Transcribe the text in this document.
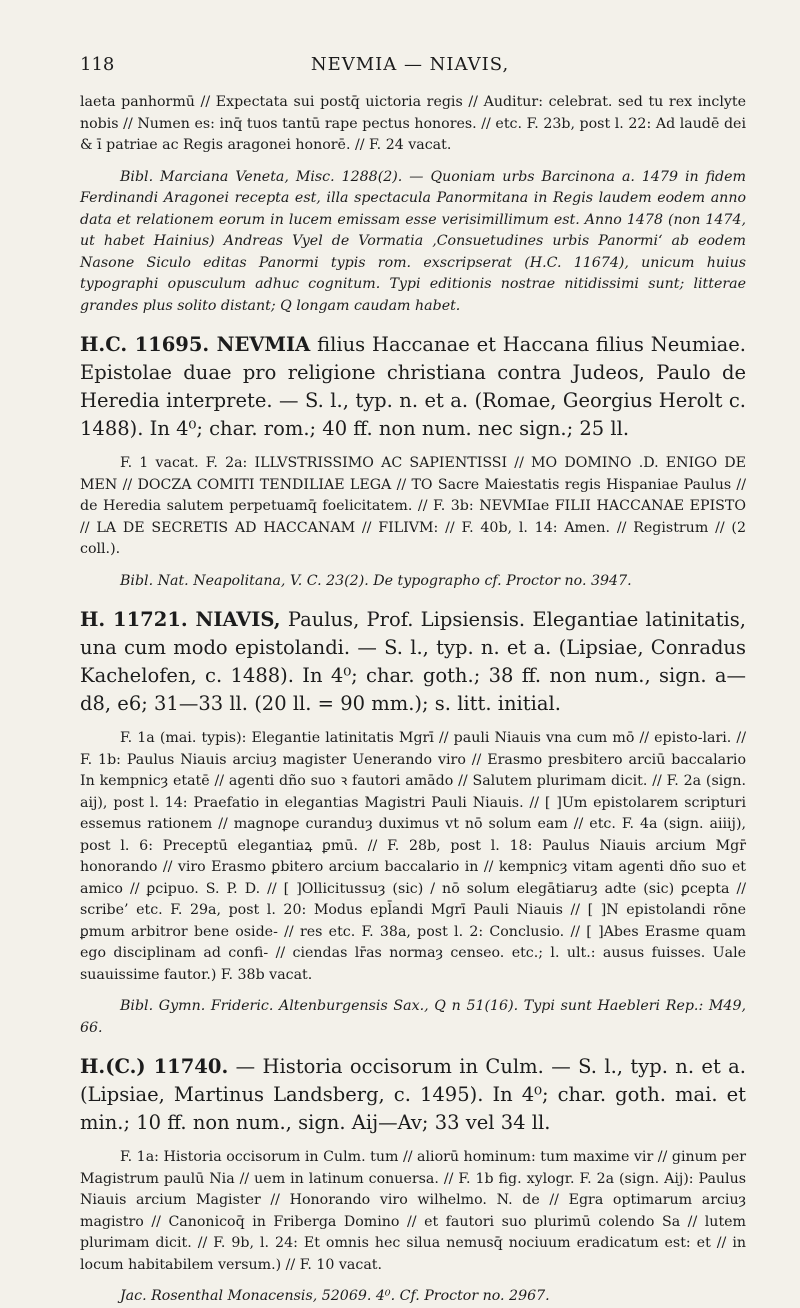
118	NEVMIA — NIAVIS,

laeta panhormū // Expectata sui postq̄ uictoria regis // Auditur: celebrat. sed tu rex inclyte nobis // Numen es: inq̄ tuos tantū rape pectus honores. // etc. F. 23b, post l. 22: Ad laudē dei & ī patriae ac Regis aragonei honorē. // F. 24 vacat.

Bibl. Marciana Veneta, Misc. 1288(2). — Quoniam urbs Barcinona a. 1479 in fidem Ferdinandi Aragonei recepta est, illa spectacula Panormitana in Regis laudem eodem anno data et relationem eorum in lucem emissam esse verisimillimum est. Anno 1478 (non 1474, ut habet Hainius) Andreas Vyel de Vormatia ‚Consuetudines urbis Panormi‘ ab eodem Nasone Siculo editas Panormi typis rom. exscripserat (H.C. 11674), unicum huius typographi opusculum adhuc cognitum. Typi editionis nostrae nitidissimi sunt; litterae grandes plus solito distant; Q longam caudam habet.

H.C. 11695. NEVMIA filius Haccanae et Haccana filius Neumiae. Epistolae duae pro religione christiana contra Judeos, Paulo de Heredia interprete. — S. l., typ. n. et a. (Romae, Georgius Herolt c. 1488). In 4⁰; char. rom.; 40 ff. non num. nec sign.; 25 ll.

F. 1 vacat. F. 2a: ILLVSTRISSIMO AC SAPIENTISSI // MO DOMINO .D. ENIGO DE MEN // DOCZA COMITI TENDILIAE LEGA // TO Sacre Maiestatis regis Hispaniae Paulus // de Heredia salutem perpetuamq̄ foelicitatem. // F. 3b: NEVMIae FILII HACCANAE EPISTO // LA DE SECRETIS AD HACCANAM // FILIVM: // F. 40b, l. 14: Amen. // Registrum // (2 coll.).

Bibl. Nat. Neapolitana, V. C. 23(2). De typographo cf. Proctor no. 3947.

H. 11721. NIAVIS, Paulus, Prof. Lipsiensis. Elegantiae latinitatis, una cum modo epistolandi. — S. l., typ. n. et a. (Lipsiae, Conradus Kachelofen, c. 1488). In 4⁰; char. goth.; 38 ff. non num., sign. a—d8, e6; 31—33 ll. (20 ll. = 90 mm.); s. litt. initial.

F. 1a (mai. typis): Elegantie latinitatis Mgrī // pauli Niauis vna cum mō // episto-lari. // F. 1b: Paulus Niauis arciuȝ magister Uenerando viro // Erasmo presbitero arciū baccalario In kempnicȝ etatē // agenti dño suo ꝛ fautori amādo // Salutem plurimam dicit. // F. 2a (sign. aij), post l. 14: Praefatio in elegantias Magistri Pauli Niauis. // [ ]Um epistolarem scripturi essemus rationem // magnoꝑe curanduȝ duximus vt nō solum eam // etc. F. 4a (sign. aiiij), post l. 6: Preceptū elegantiaꝝ ꝑmū. // F. 28b, post l. 18: Paulus Niauis arcium Mgr̄ honorando // viro Erasmo ꝑbitero arcium baccalario in // kempnicȝ vitam agenti dño suo et amico // ꝑcipuo. S. P. D. // [ ]Ollicitussuȝ (sic) / nō solum elegātiaruȝ adte (sic) ꝑcepta // scribe’ etc. F. 29a, post l. 20: Modus epl̄andi Mgrī Pauli Niauis // [ ]N epistolandi rōne ꝑmum arbitror bene oside- // res etc. F. 38a, post l. 2: Conclusio. // [ ]Abes Erasme quam ego disciplinam ad confi- // ciendas lr̄as normaȝ censeo. etc.; l. ult.: ausus fuisses. Uale suauissime fautor.) F. 38b vacat.

Bibl. Gymn. Frideric. Altenburgensis Sax., Q n 51(16). Typi sunt Haebleri Rep.: M49, 66.

H.(C.) 11740. — Historia occisorum in Culm. — S. l., typ. n. et a. (Lipsiae, Martinus Landsberg, c. 1495). In 4⁰; char. goth. mai. et min.; 10 ff. non num., sign. Aij—Av; 33 vel 34 ll.

F. 1a: Historia occisorum in Culm. tum // aliorū hominum: tum maxime vir // ginum per Magistrum paulū Nia // uem in latinum conuersa. // F. 1b fig. xylogr. F. 2a (sign. Aij): Paulus Niauis arcium Magister // Honorando viro wilhelmo. N. de // Egra optimarum arciuȝ magistro // Canonicoq̄ in Friberga Domino // et fautori suo plurimū colendo Sa // lutem plurimam dicit. // F. 9b, l. 24: Et omnis hec silua nemusq̄ nociuum eradicatum est: et // in locum habitabilem versum.) // F. 10 vacat.

Jac. Rosenthal Monacensis, 52069. 4⁰. Cf. Proctor no. 2967.
